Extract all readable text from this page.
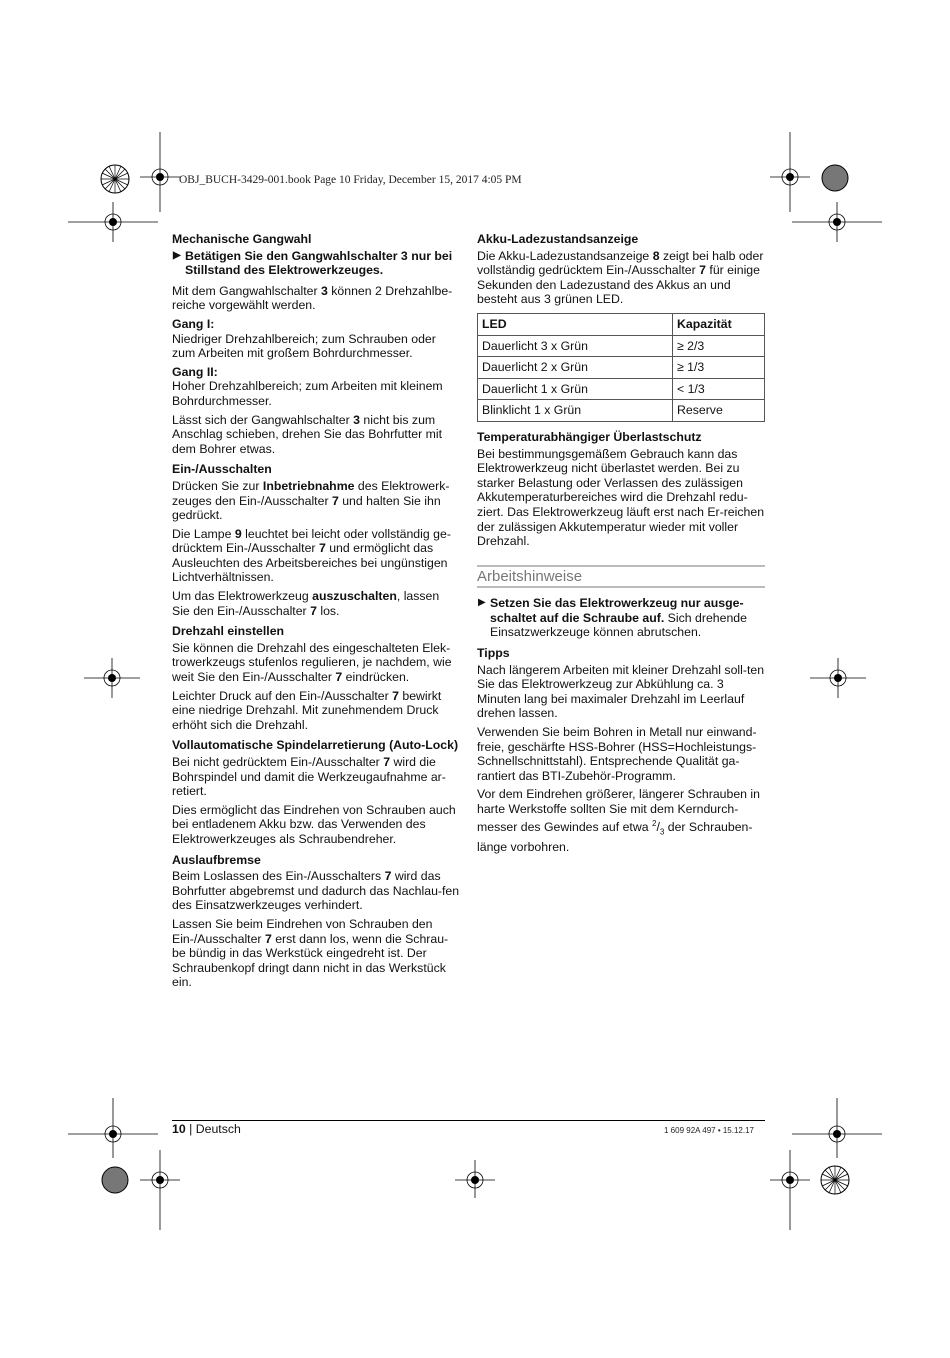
OBJ_BUCH-3429-001.book Page 10 Friday, December 15, 2017 4:05 PM
Mechanische Gangwahl
▶ Betätigen Sie den Gangwahlschalter 3 nur bei Stillstand des Elektrowerkzeuges.
Mit dem Gangwahlschalter 3 können 2 Drehzahlbe-reiche vorgewählt werden.
Gang I:
Niedriger Drehzahlbereich; zum Schrauben oder zum Arbeiten mit großem Bohrdurchmesser.
Gang II:
Hoher Drehzahlbereich; zum Arbeiten mit kleinem Bohrdurchmesser.
Lässt sich der Gangwahlschalter 3 nicht bis zum Anschlag schieben, drehen Sie das Bohrfutter mit dem Bohrer etwas.
Ein-/Ausschalten
Drücken Sie zur Inbetriebnahme des Elektrowerk-zeuges den Ein-/Ausschalter 7 und halten Sie ihn gedrückt.
Die Lampe 9 leuchtet bei leicht oder vollständig ge-drücktem Ein-/Ausschalter 7 und ermöglicht das Ausleuchten des Arbeitsbereiches bei ungünstigen Lichtverhältnissen.
Um das Elektrowerkzeug auszuschalten, lassen Sie den Ein-/Ausschalter 7 los.
Drehzahl einstellen
Sie können die Drehzahl des eingeschalteten Elek-trowerkzeugs stufenlos regulieren, je nachdem, wie weit Sie den Ein-/Ausschalter 7 eindrücken.
Leichter Druck auf den Ein-/Ausschalter 7 bewirkt eine niedrige Drehzahl. Mit zunehmendem Druck erhöht sich die Drehzahl.
Vollautomatische Spindelarretierung (Auto-Lock)
Bei nicht gedrücktem Ein-/Ausschalter 7 wird die Bohrspindel und damit die Werkzeugaufnahme ar-retiert.
Dies ermöglicht das Eindrehen von Schrauben auch bei entladenem Akku bzw. das Verwenden des Elektrowerkzeuges als Schraubendreher.
Auslaufbremse
Beim Loslassen des Ein-/Ausschalters 7 wird das Bohrfutter abgebremst und dadurch das Nachlau-fen des Einsatzwerkzeuges verhindert.
Lassen Sie beim Eindrehen von Schrauben den Ein-/Ausschalter 7 erst dann los, wenn die Schrau-be bündig in das Werkstück eingedreht ist. Der Schraubenkopf dringt dann nicht in das Werkstück ein.
Akku-Ladezustandsanzeige
Die Akku-Ladezustandsanzeige 8 zeigt bei halb oder vollständig gedrücktem Ein-/Ausschalter 7 für einige Sekunden den Ladezustand des Akkus an und besteht aus 3 grünen LED.
LED	Kapazität
Dauerlicht 3 x Grün	≥ 2/3
Dauerlicht 2 x Grün	≥ 1/3
Dauerlicht 1 x Grün	< 1/3
Blinklicht 1 x Grün	Reserve
Temperaturabhängiger Überlastschutz
Bei bestimmungsgemäßem Gebrauch kann das Elektrowerkzeug nicht überlastet werden. Bei zu starker Belastung oder Verlassen des zulässigen Akkutemperaturbereiches wird die Drehzahl redu-ziert. Das Elektrowerkzeug läuft erst nach Er-reichen der zulässigen Akkutemperatur wieder mit voller Drehzahl.
Arbeitshinweise
▶ Setzen Sie das Elektrowerkzeug nur ausge-schaltet auf die Schraube auf. Sich drehende Einsatzwerkzeuge können abrutschen.
Tipps
Nach längerem Arbeiten mit kleiner Drehzahl soll-ten Sie das Elektrowerkzeug zur Abkühlung ca. 3 Minuten lang bei maximaler Drehzahl im Leerlauf drehen lassen.
Verwenden Sie beim Bohren in Metall nur einwand-freie, geschärfte HSS-Bohrer (HSS=Hochleistungs-Schnellschnittstahl). Entsprechende Qualität ga-rantiert das BTI-Zubehör-Programm.
Vor dem Eindrehen größerer, längerer Schrauben in harte Werkstoffe sollten Sie mit dem Kerndurch-messer des Gewindes auf etwa $^2/_3$ der Schrauben-länge vorbohren.
10 | Deutsch	1 609 92A 497 • 15.12.17
